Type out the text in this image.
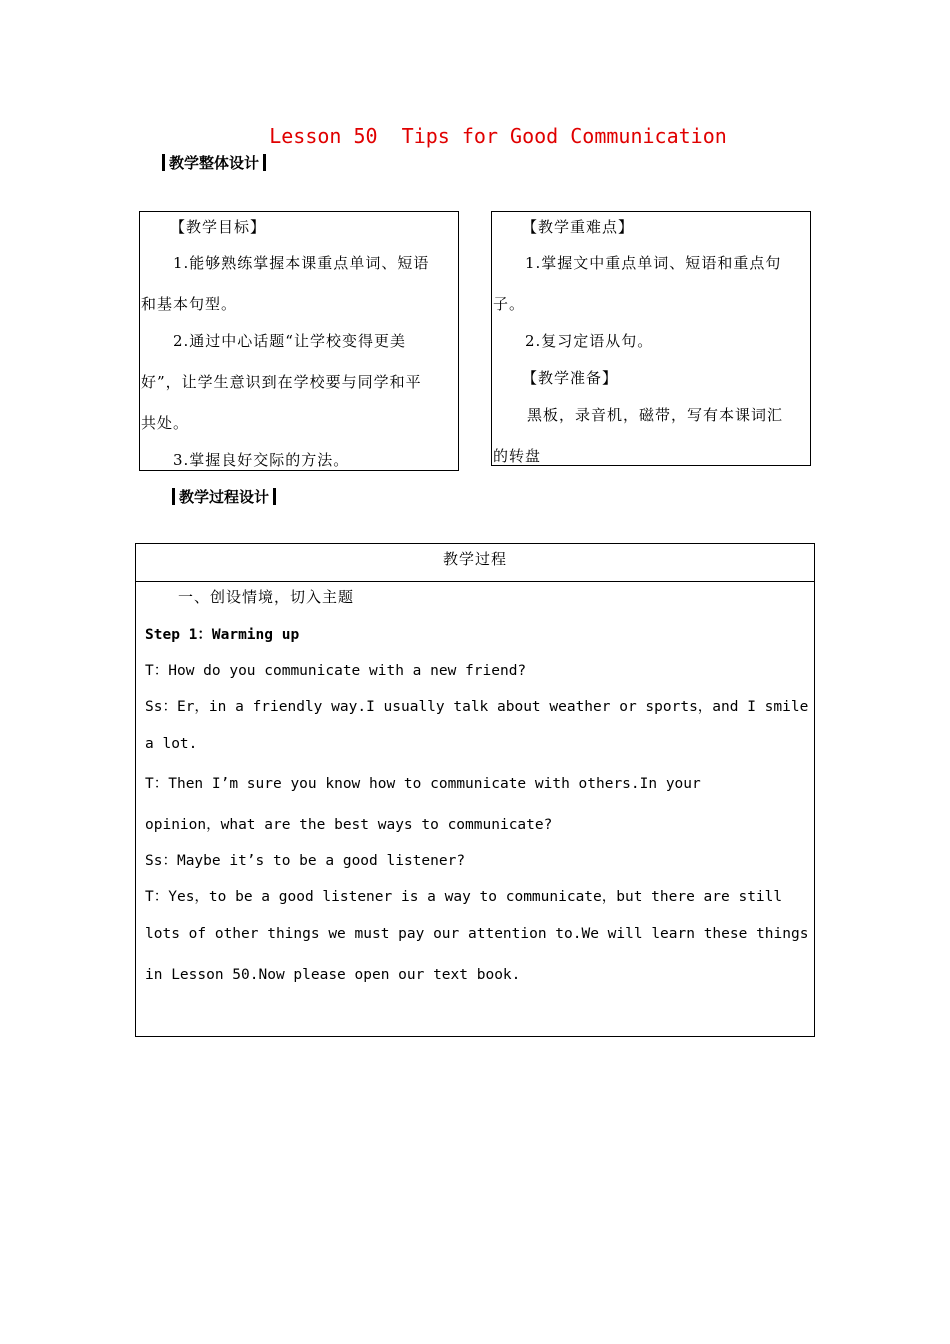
Lesson 50  Tips for Good Communication
教学整体设计
【教学目标】
1.能够熟练掌握本课重点单词、短语
和基本句型。
2.通过中心话题“让学校变得更美
好”，让学生意识到在学校要与同学和平
共处。
3.掌握良好交际的方法。
【教学重难点】
1.掌握文中重点单词、短语和重点句
子。
2.复习定语从句。
【教学准备】
黑板，录音机，磁带，写有本课词汇
的转盘
教学过程设计
教学过程
一、创设情境，切入主题
Step 1：Warming up
T：How do you communicate with a new friend?
Ss：Er，in a friendly way.I usually talk about weather or sports，and I smile
a lot.
T：Then I’m sure you know how to communicate with others.In your
opinion，what are the best ways to communicate?
Ss：Maybe it’s to be a good listener?
T：Yes，to be a good listener is a way to communicate，but there are still
lots of other things we must pay our attention to.We will learn these things
in Lesson 50.Now please open our text book.
